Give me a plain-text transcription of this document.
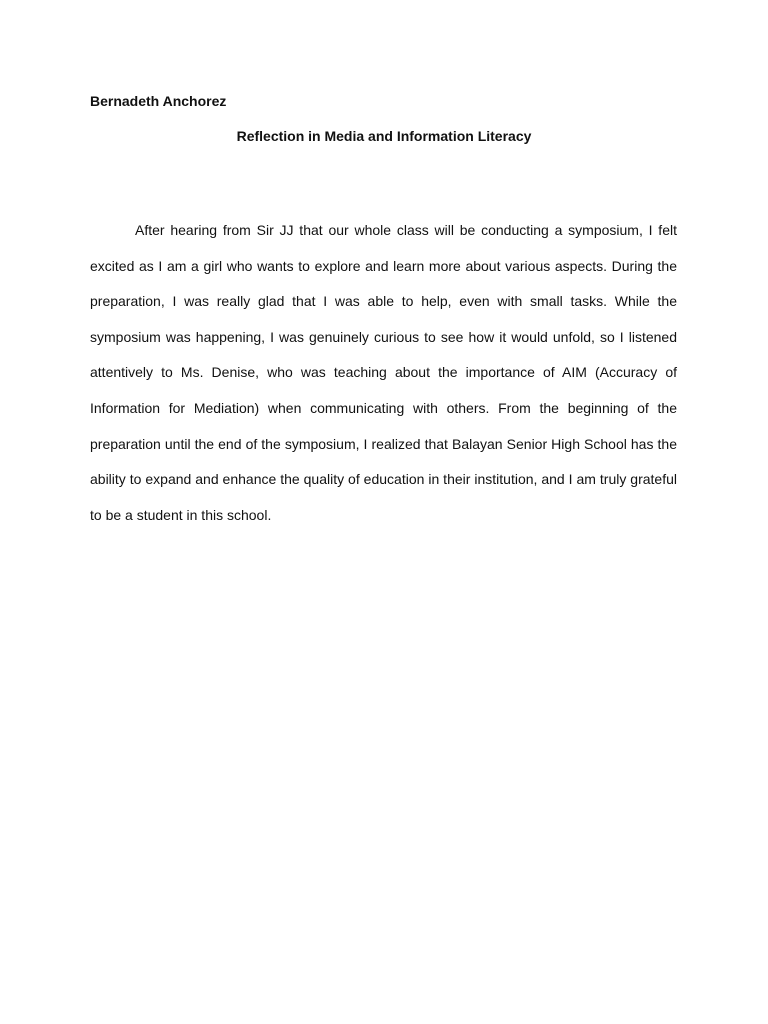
Bernadeth Anchorez

Reflection in Media and Information Literacy

After hearing from Sir JJ that our whole class will be conducting a symposium, I felt excited as I am a girl who wants to explore and learn more about various aspects. During the preparation, I was really glad that I was able to help, even with small tasks. While the symposium was happening, I was genuinely curious to see how it would unfold, so I listened attentively to Ms. Denise, who was teaching about the importance of AIM (Accuracy of Information for Mediation) when communicating with others. From the beginning of the preparation until the end of the symposium, I realized that Balayan Senior High School has the ability to expand and enhance the quality of education in their institution, and I am truly grateful to be a student in this school.
